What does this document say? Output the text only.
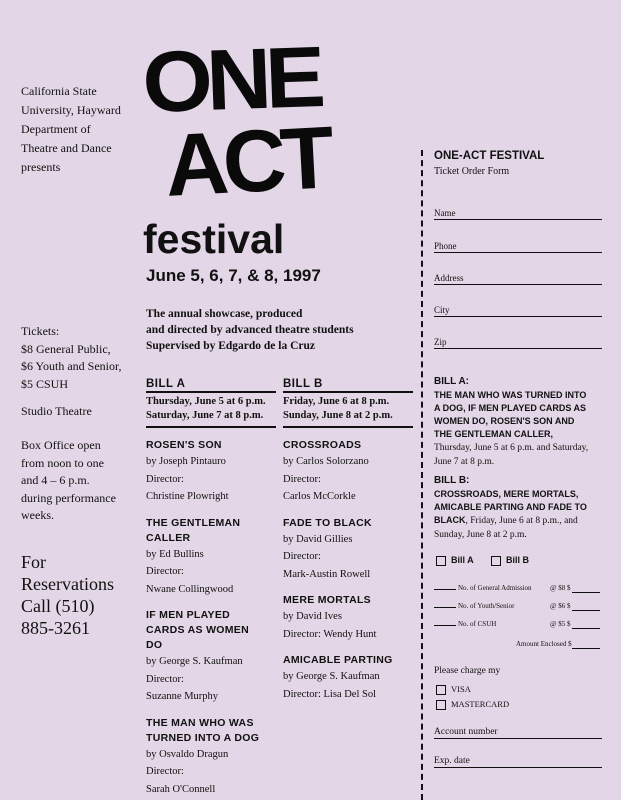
California State
University, Hayward
Department of
Theatre and Dance
presents
Tickets:
$8 General Public,
$6 Youth and Senior,
$5 CSUH
Studio Theatre
Box Office open
from noon to one
and 4 – 6 p.m.
during performance
weeks.
For
Reservations
Call (510)
885-3261
ONE
ACT
festival
June 5, 6, 7, & 8, 1997
The annual showcase, produced
and directed by advanced theatre students
Supervised by Edgardo de la Cruz
BILL A
Thursday, June 5 at 6 p.m.
Saturday, June 7 at 8 p.m.
ROSEN'S SON
by Joseph Pintauro
Director:
Christine Plowright
THE GENTLEMAN
CALLER
by Ed Bullins
Director:
Nwane Collingwood
IF MEN PLAYED
CARDS AS WOMEN
DO
by George S. Kaufman
Director:
Suzanne Murphy
THE MAN WHO WAS
TURNED INTO A DOG
by Osvaldo Dragun
Director:
Sarah O'Connell
BILL B
Friday, June 6 at 8 p.m.
Sunday, June 8 at 2 p.m.
CROSSROADS
by Carlos Solorzano
Director:
Carlos McCorkle
FADE TO BLACK
by David Gillies
Director:
Mark-Austin Rowell
MERE MORTALS
by David Ives
Director: Wendy Hunt
AMICABLE PARTING
by George S. Kaufman
Director: Lisa Del Sol
ONE-ACT FESTIVAL
Ticket Order Form
Name
Phone
Address
City
Zip
BILL A:
THE MAN WHO WAS TURNED INTO
A DOG, IF MEN PLAYED CARDS AS
WOMEN DO, ROSEN'S SON AND
THE GENTLEMAN CALLER,
Thursday, June 5 at 6 p.m. and Saturday,
June 7 at 8 p.m.
BILL B:
CROSSROADS, MERE MORTALS,
AMICABLE PARTING AND FADE TO
BLACK, Friday, June 6 at 8 p.m., and
Sunday, June 8 at 2 p.m.
Bill A	Bill B
No. of General Admission	@ $8 $
No. of Youth/Senior	@ $6 $
No. of CSUH	@ $5 $
Amount Enclosed $
Please charge my
VISA
MASTERCARD
Account number
Exp. date
